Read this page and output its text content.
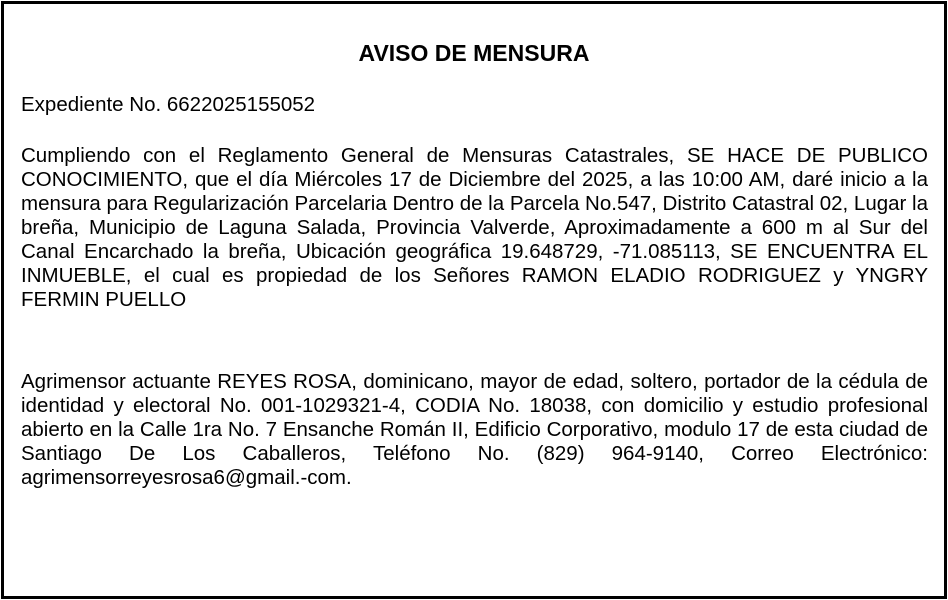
AVISO DE MENSURA
Expediente No. 6622025155052
Cumpliendo con el Reglamento General de Mensuras Catastrales, SE HACE DE PUBLICO CONOCIMIENTO, que el día Miércoles 17 de Diciembre del 2025, a las 10:00 AM, daré inicio a la mensura para Regularización Parcelaria Dentro de la Parcela No.547, Distrito Catastral 02, Lugar la breña, Municipio de Laguna Salada, Provincia Valverde, Aproximadamente a 600 m al Sur del Canal Encarchado la breña, Ubicación geográfica 19.648729, -71.085113, SE ENCUENTRA EL INMUEBLE, el cual es propiedad de los Señores RAMON ELADIO RODRIGUEZ y YNGRY FERMIN PUELLO
Agrimensor actuante REYES ROSA, dominicano, mayor de edad, soltero, portador de la cédula de identidad y electoral No. 001-1029321-4, CODIA No. 18038, con domicilio y estudio profesional abierto en la Calle 1ra No. 7 Ensanche Román II, Edificio Corporativo, modulo 17 de esta ciudad de Santiago De Los Caballeros, Teléfono No. (829) 964-9140, Correo Electrónico: agrimensorreyesrosa6@gmail.-com.
